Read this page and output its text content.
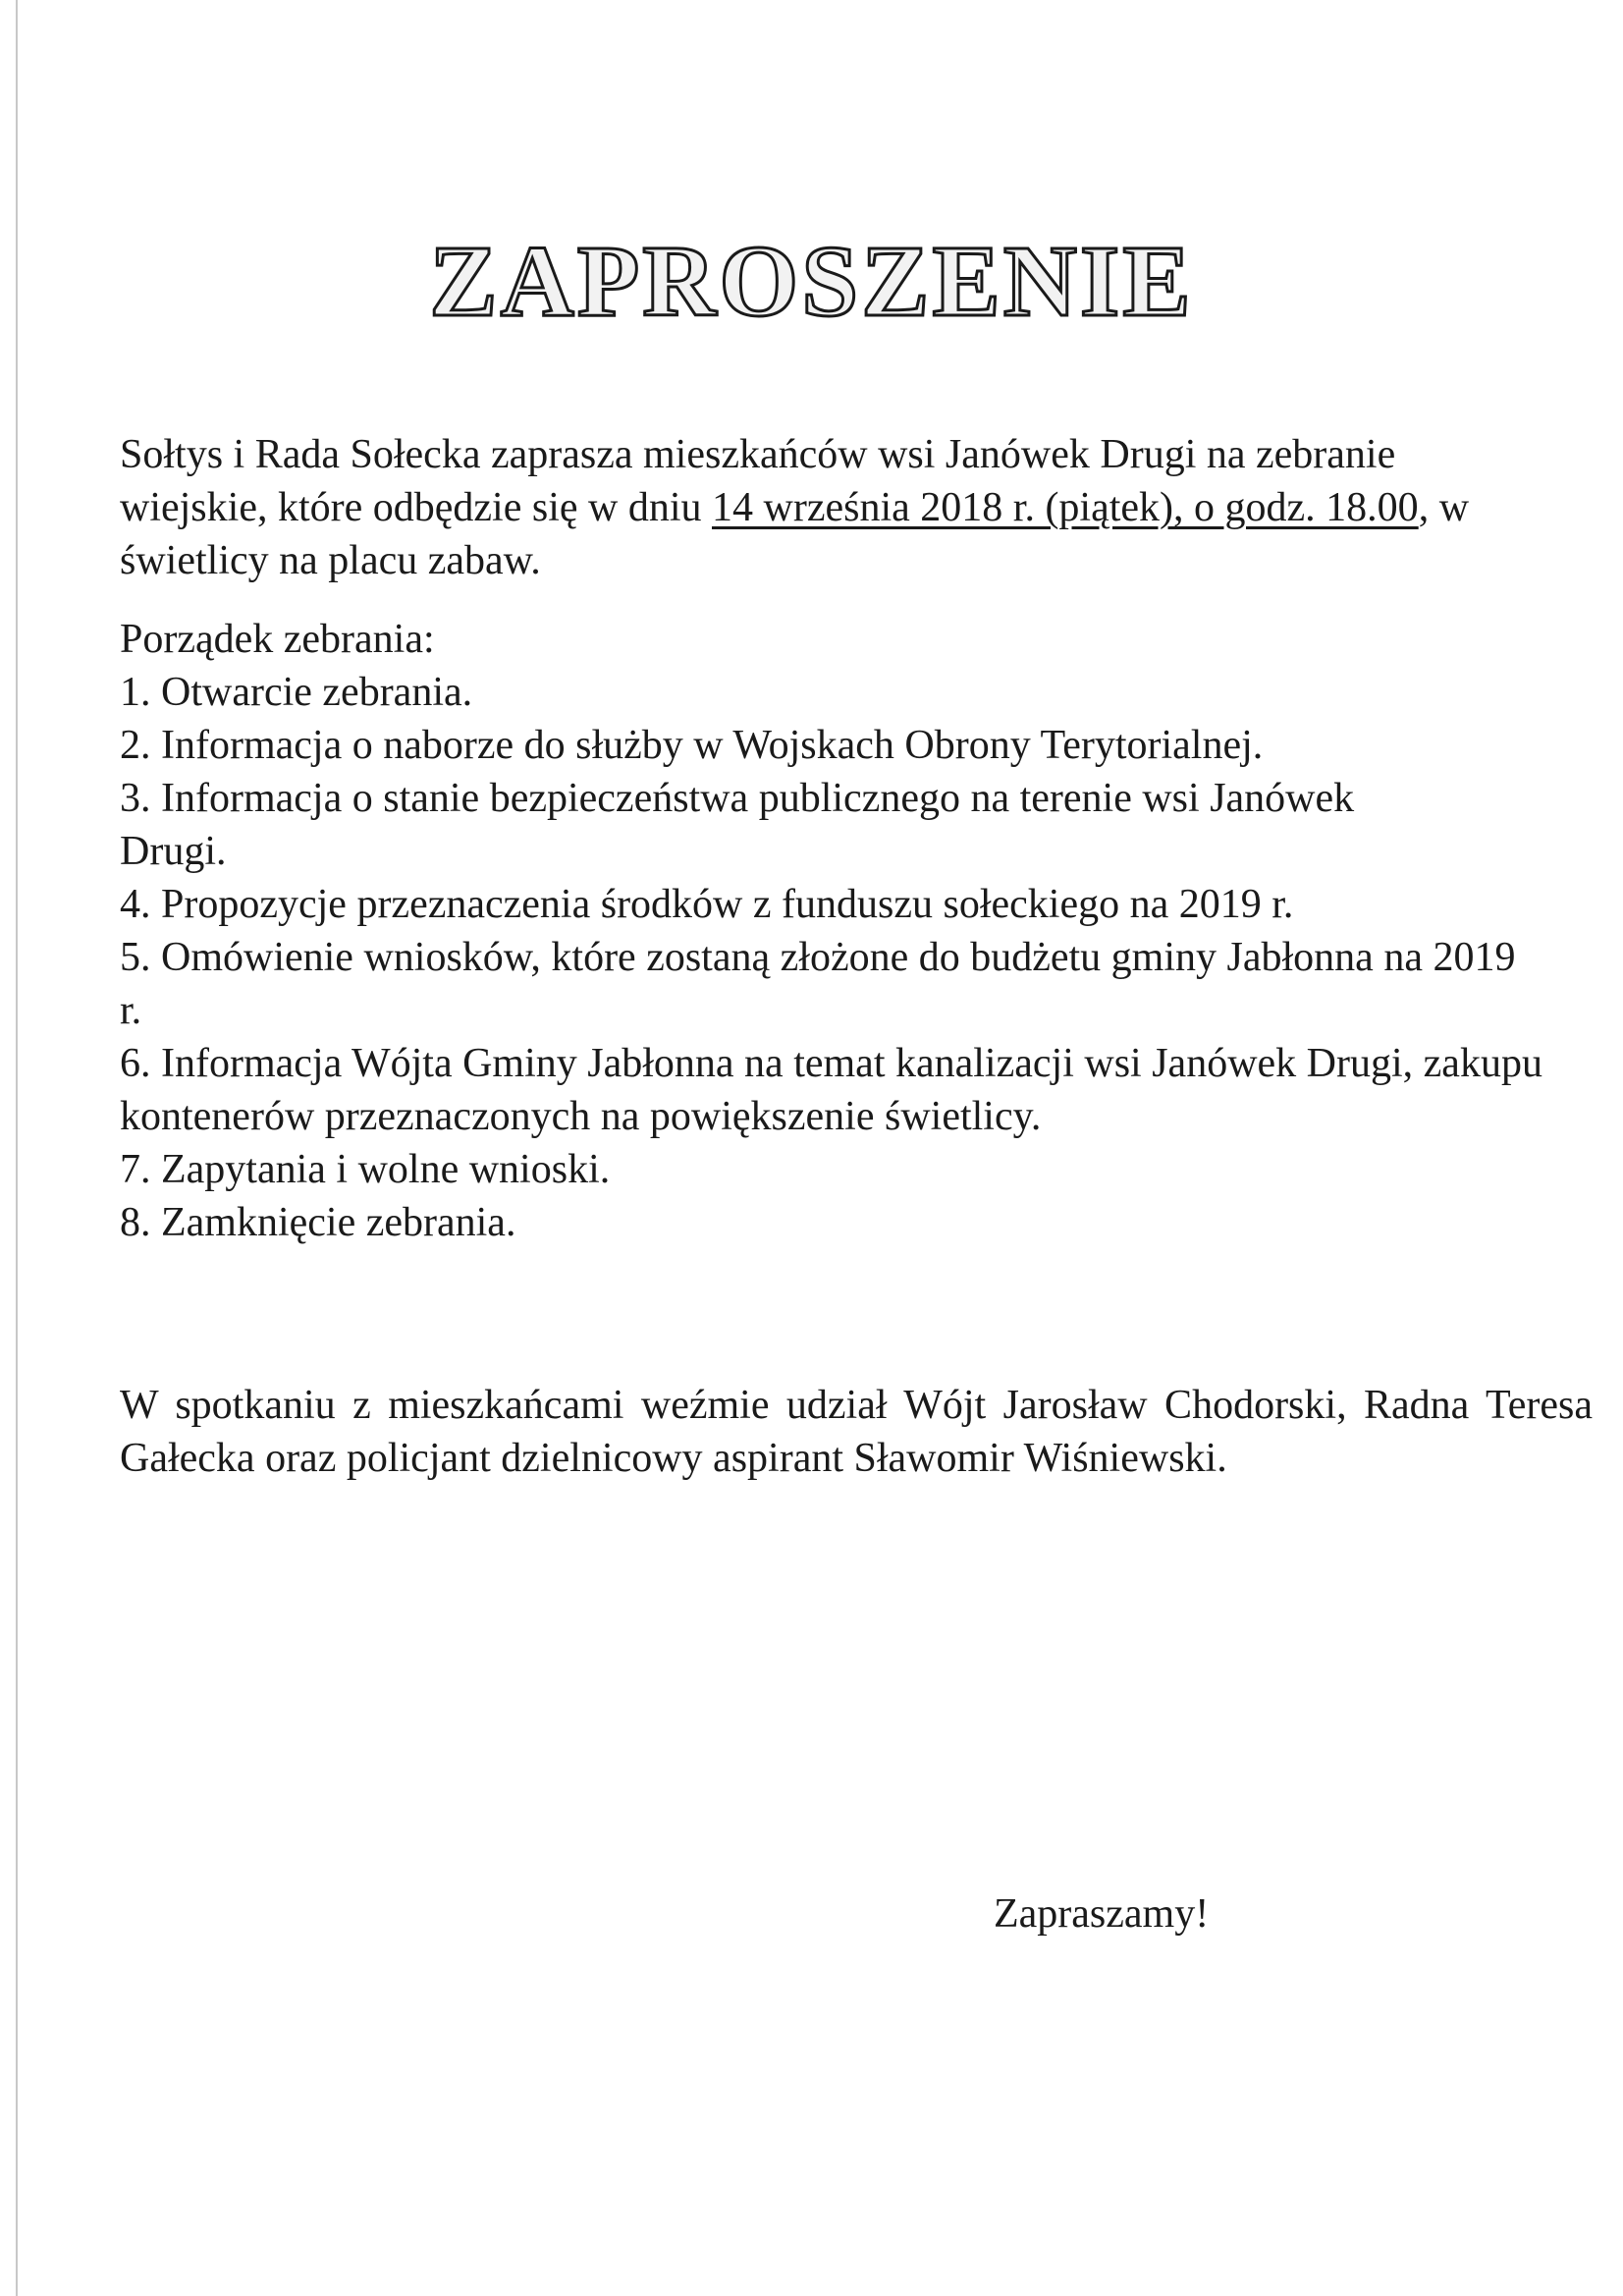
ZAPROSZENIE

Sołtys i Rada Sołecka zaprasza mieszkańców wsi Janówek Drugi na zebranie wiejskie, które odbędzie się w dniu 14 września 2018 r. (piątek), o godz. 18.00, w świetlicy na placu zabaw.

Porządek zebrania:

1. Otwarcie zebrania.
2. Informacja o naborze do służby w Wojskach Obrony Terytorialnej.
3. Informacja o stanie bezpieczeństwa publicznego na terenie wsi Janówek Drugi.
4. Propozycje przeznaczenia środków z funduszu sołeckiego na 2019 r.
5. Omówienie wniosków, które zostaną złożone do budżetu gminy Jabłonna na 2019 r.
6. Informacja Wójta Gminy Jabłonna na temat kanalizacji wsi Janówek Drugi, zakupu kontenerów przeznaczonych na powiększenie świetlicy.
7. Zapytania i wolne wnioski.
8. Zamknięcie zebrania.

W spotkaniu z mieszkańcami weźmie udział Wójt Jarosław Chodorski, Radna Teresa Gałecka oraz policjant dzielnicowy aspirant Sławomir Wiśniewski.

Zapraszamy!
